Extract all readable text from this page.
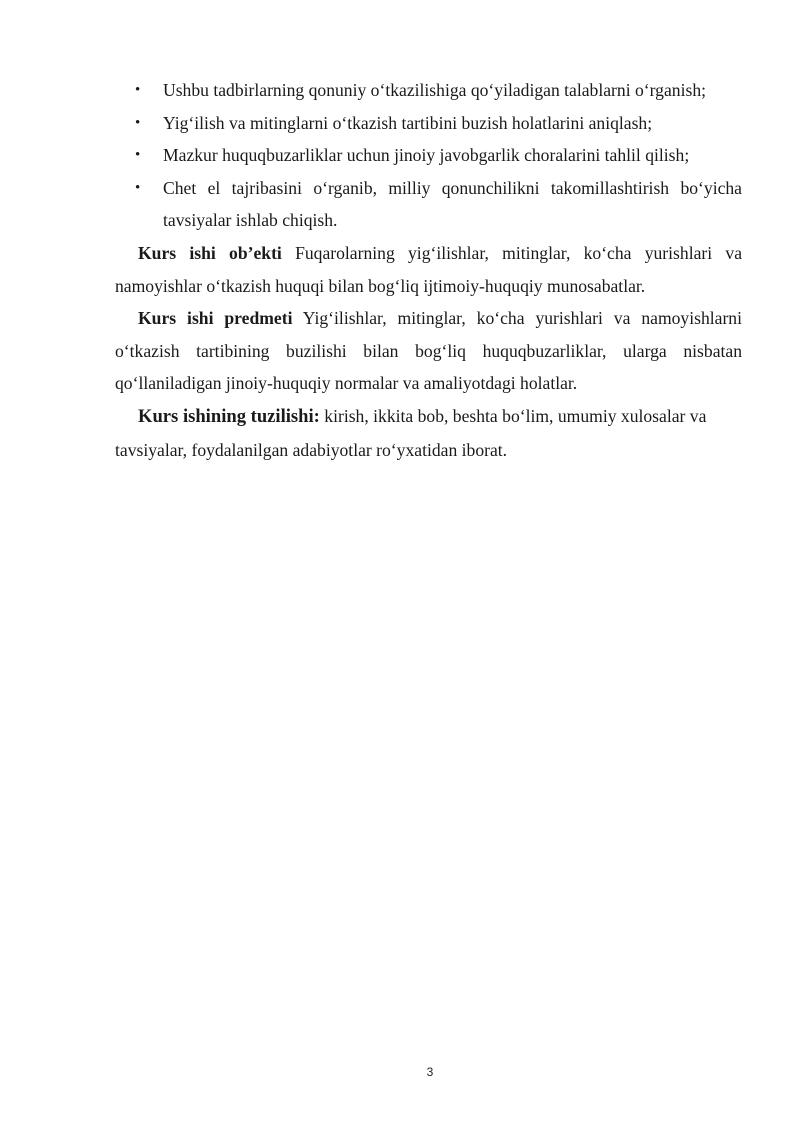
• Ushbu tadbirlarning qonuniy o‘tkazilishiga qo‘yiladigan talablarni o‘rganish;
• Yig‘ilish va mitinglarni o‘tkazish tartibini buzish holatlarini aniqlash;
• Mazkur huquqbuzarliklar uchun jinoiy javobgarlik choralarini tahlil qilish;
• Chet el tajribasini o‘rganib, milliy qonunchilikni takomillashtirish bo‘yicha tavsiyalar ishlab chiqish.

Kurs ishi ob’ekti Fuqarolarning yig‘ilishlar, mitinglar, ko‘cha yurishlari va namoyishlar o‘tkazish huquqi bilan bog‘liq ijtimoiy-huquqiy munosabatlar.

Kurs ishi predmeti Yig‘ilishlar, mitinglar, ko‘cha yurishlari va namoyishlarni o‘tkazish tartibining buzilishi bilan bog‘liq huquqbuzarliklar, ularga nisbatan qo‘llaniladigan jinoiy-huquqiy normalar va amaliyotdagi holatlar.

Kurs ishining tuzilishi: kirish, ikkita bob, beshta bo‘lim, umumiy xulosalar va tavsiyalar, foydalanilgan adabiyotlar ro‘yxatidan iborat.

3
